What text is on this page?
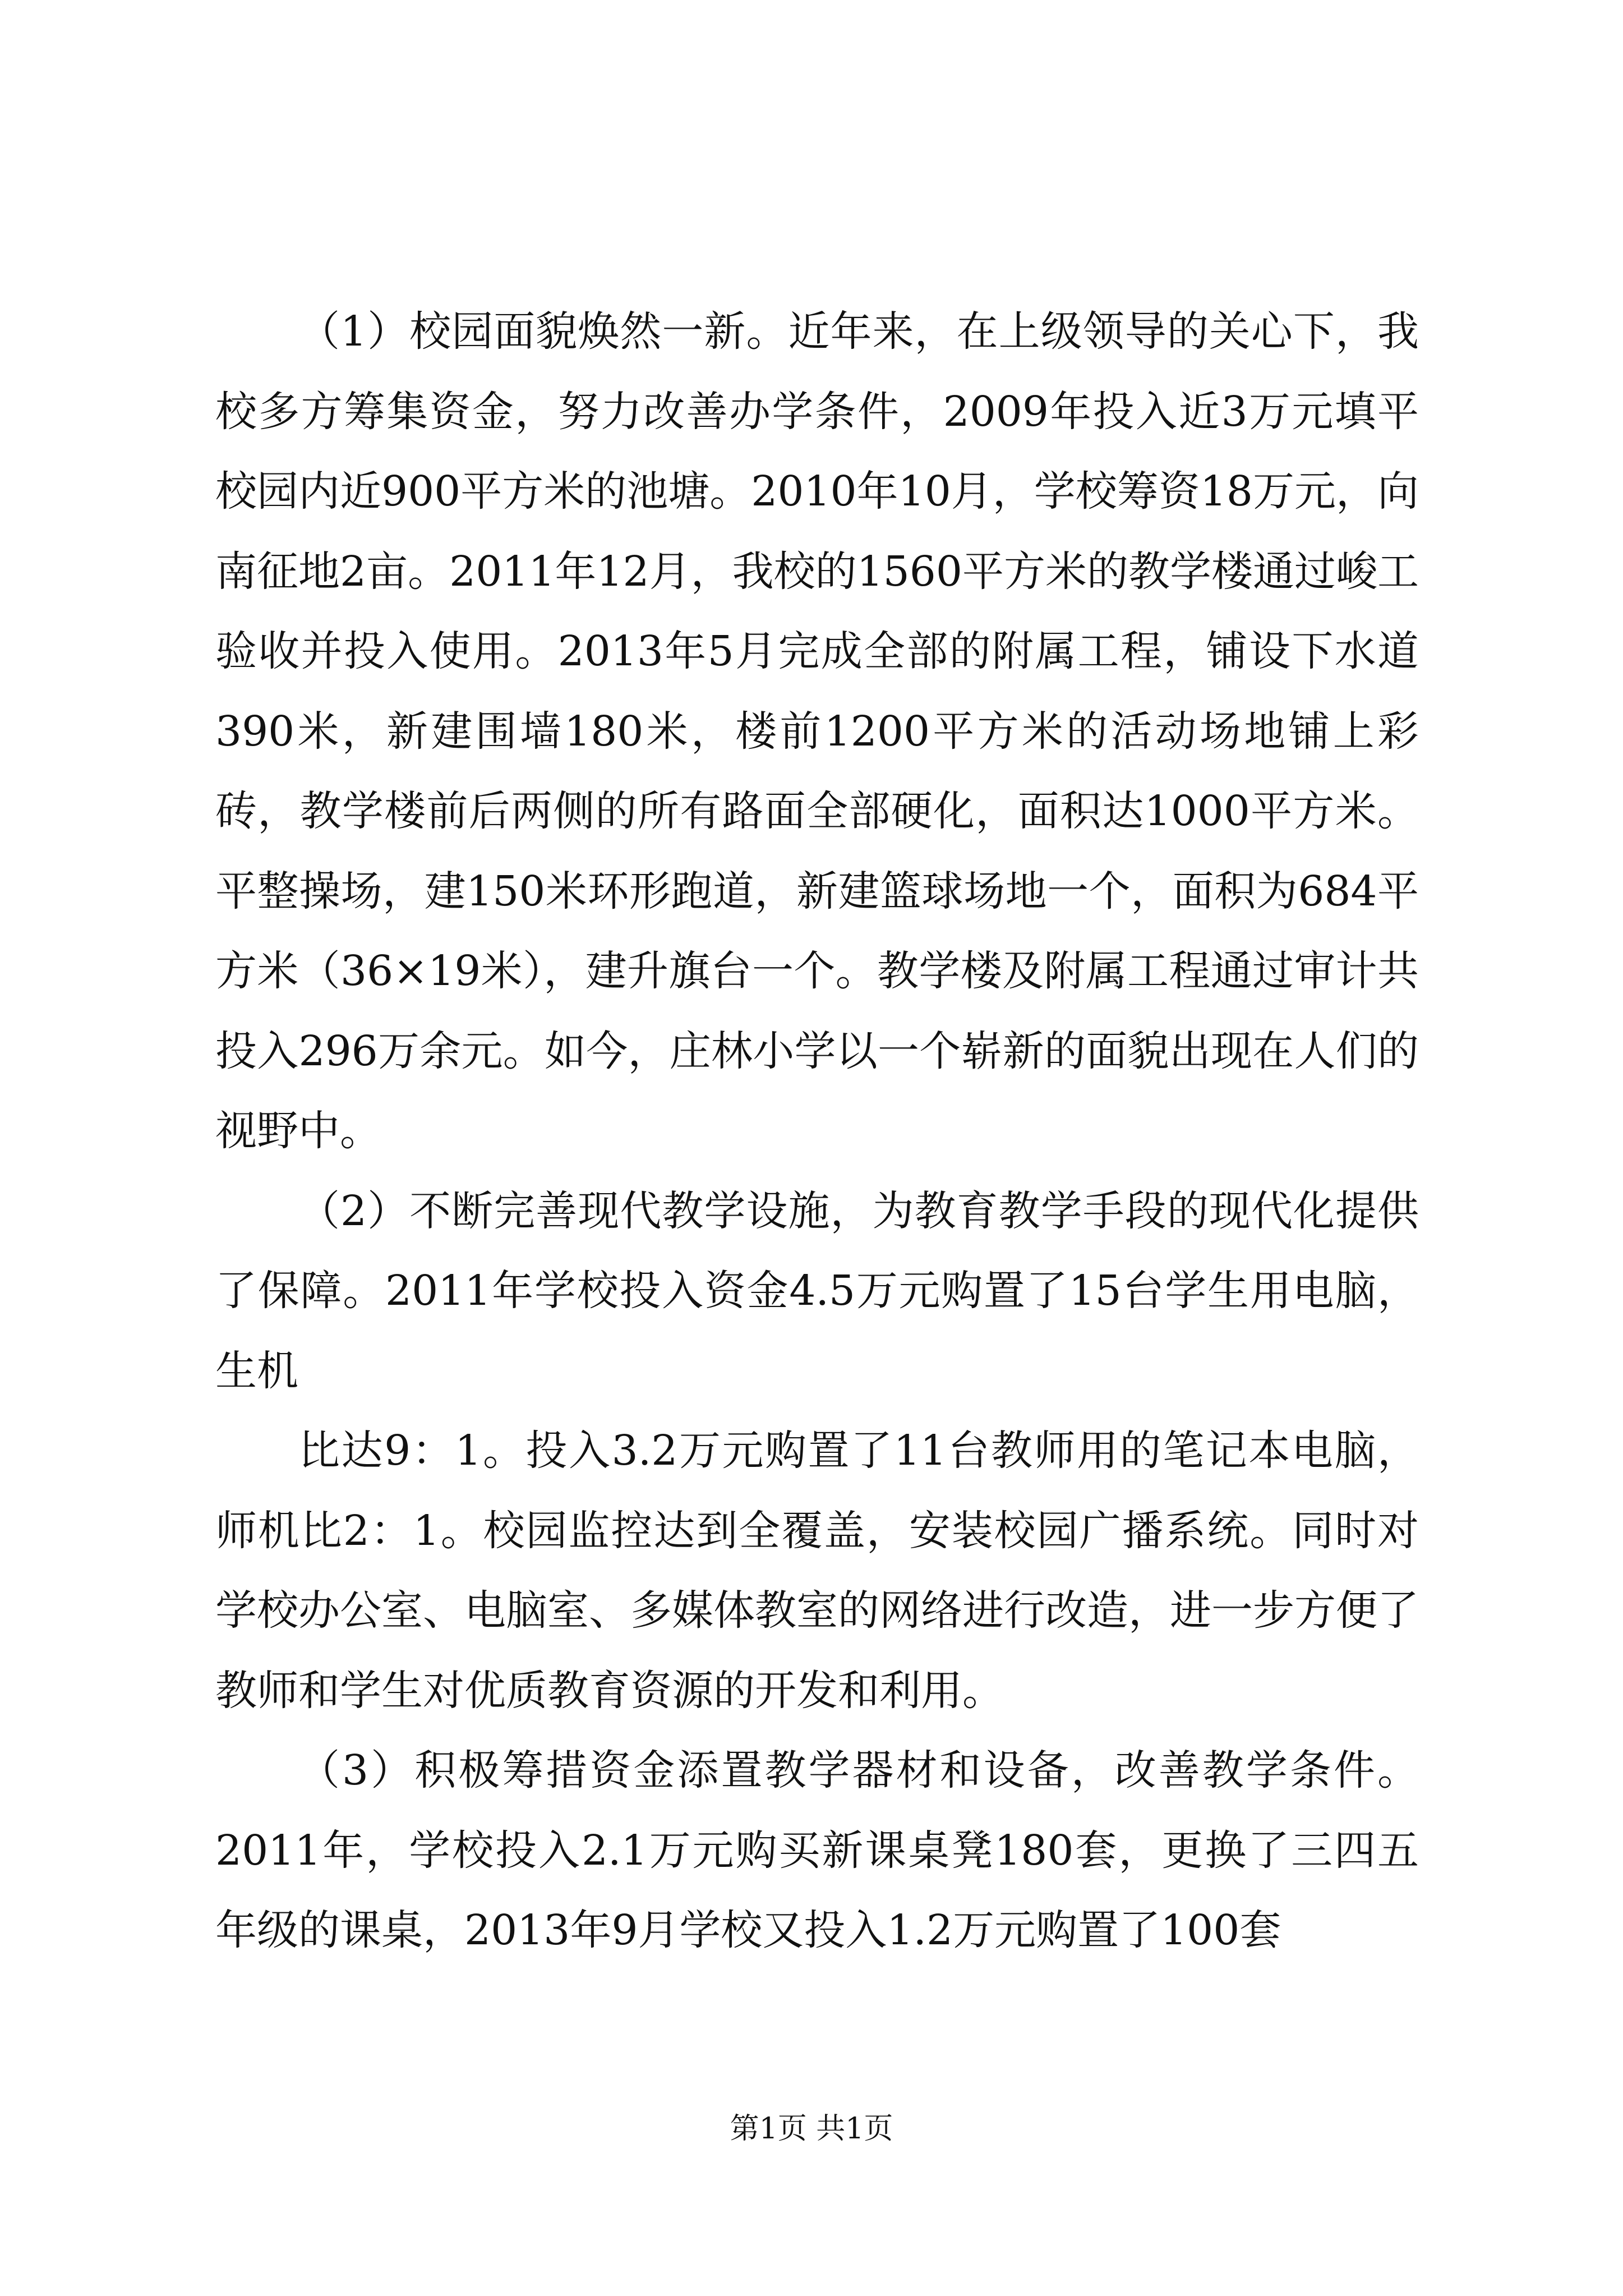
（1）校园面貌焕然一新。近年来，在上级领导的关心下，我校多方筹集资金，努力改善办学条件，2009年投入近3万元填平校园内近900平方米的池塘。2010年10月，学校筹资18万元，向南征地2亩。2011年12月，我校的1560平方米的教学楼通过峻工验收并投入使用。2013年5月完成全部的附属工程，铺设下水道390米，新建围墙180米，楼前1200平方米的活动场地铺上彩砖，教学楼前后两侧的所有路面全部硬化，面积达1000平方米。平整操场，建150米环形跑道，新建篮球场地一个，面积为684平方米（36×19米），建升旗台一个。教学楼及附属工程通过审计共投入296万余元。如今，庄林小学以一个崭新的面貌出现在人们的视野中。

（2）不断完善现代教学设施，为教育教学手段的现代化提供了保障。2011年学校投入资金4.5万元购置了15台学生用电脑，生机

比达9：1。投入3.2万元购置了11台教师用的笔记本电脑，师机比2：1。校园监控达到全覆盖，安装校园广播系统。同时对学校办公室、电脑室、多媒体教室的网络进行改造，进一步方便了教师和学生对优质教育资源的开发和利用。

（3）积极筹措资金添置教学器材和设备，改善教学条件。2011年，学校投入2.1万元购买新课桌凳180套，更换了三四五年级的课桌，2013年9月学校又投入1.2万元购置了100套

第1页 共1页
